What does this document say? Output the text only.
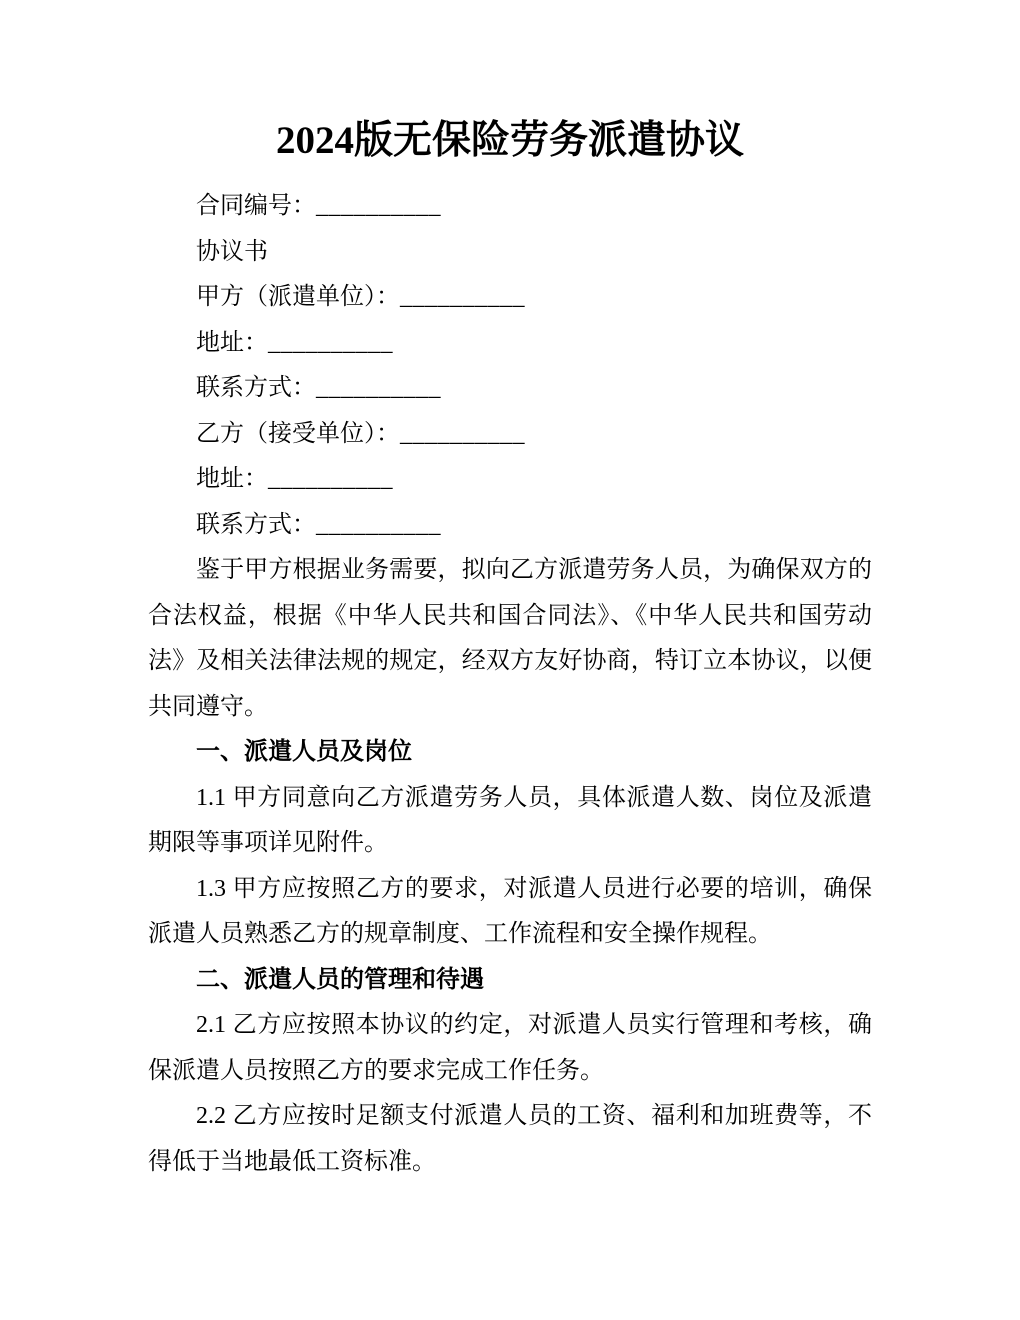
2024版无保险劳务派遣协议

合同编号：__________

协议书

甲方（派遣单位）：__________

地址：__________

联系方式：__________

乙方（接受单位）：__________

地址：__________

联系方式：__________

鉴于甲方根据业务需要，拟向乙方派遣劳务人员，为确保双方的合法权益，根据《中华人民共和国合同法》、《中华人民共和国劳动法》及相关法律法规的规定，经双方友好协商，特订立本协议，以便共同遵守。

一、派遣人员及岗位

1.1 甲方同意向乙方派遣劳务人员，具体派遣人数、岗位及派遣期限等事项详见附件。

1.3 甲方应按照乙方的要求，对派遣人员进行必要的培训，确保派遣人员熟悉乙方的规章制度、工作流程和安全操作规程。

二、派遣人员的管理和待遇

2.1 乙方应按照本协议的约定，对派遣人员实行管理和考核，确保派遣人员按照乙方的要求完成工作任务。

2.2 乙方应按时足额支付派遣人员的工资、福利和加班费等，不得低于当地最低工资标准。
